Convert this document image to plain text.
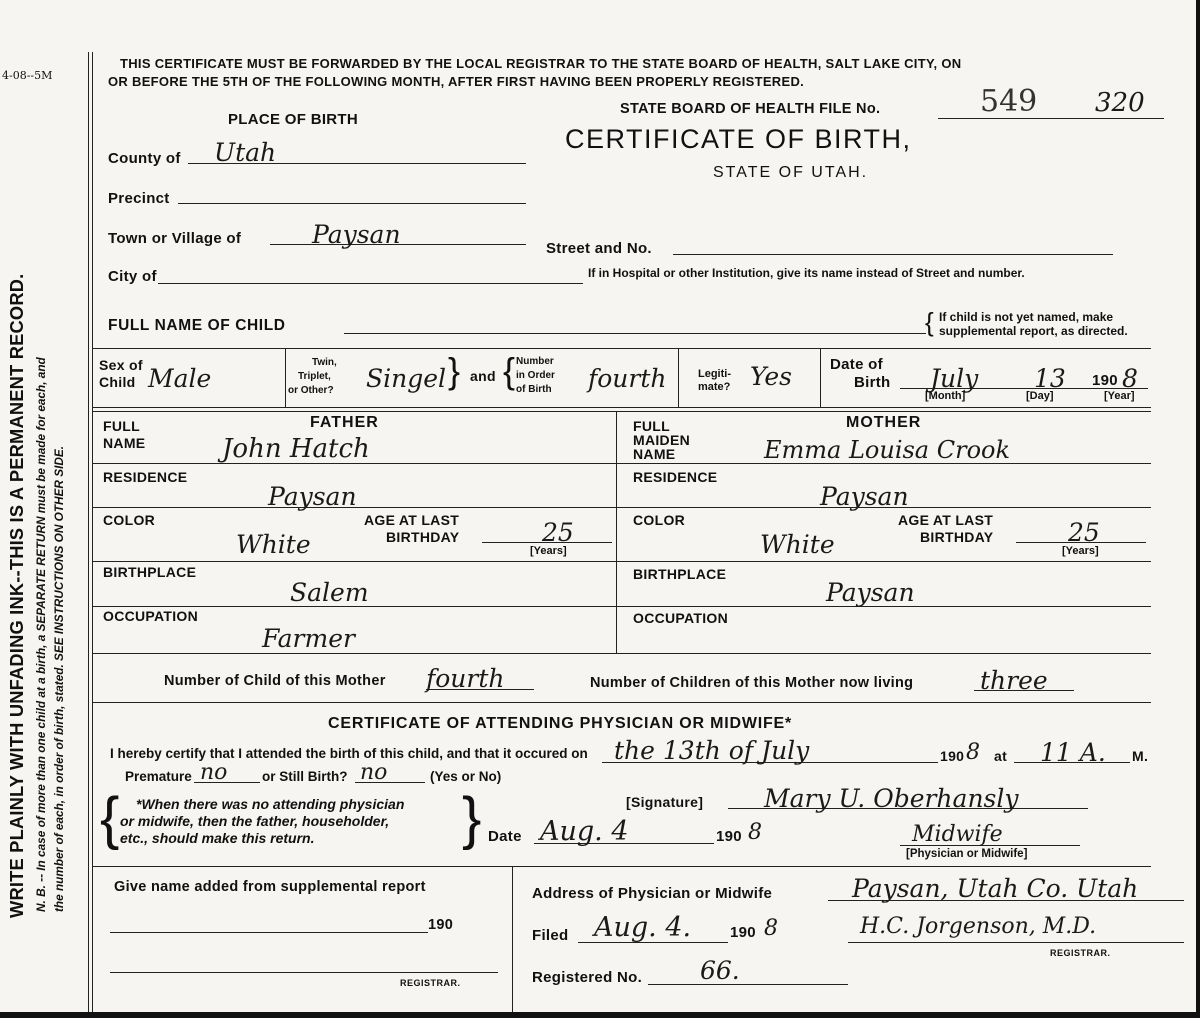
4-08--5M
WRITE PLAINLY WITH UNFADING INK--THIS IS A PERMANENT RECORD. N. B. -- In case of more than one child at a birth, a SEPARATE RETURN must be made for each, and the number of each, in order of birth, stated. SEE INSTRUCTIONS ON OTHER SIDE.
THIS CERTIFICATE MUST BE FORWARDED BY THE LOCAL REGISTRAR TO THE STATE BOARD OF HEALTH, SALT LAKE CITY, ON
OR BEFORE THE 5TH OF THE FOLLOWING MONTH, AFTER FIRST HAVING BEEN PROPERLY REGISTERED.
STATE BOARD OF HEALTH FILE No.	549 320
CERTIFICATE OF BIRTH,
STATE OF UTAH.
PLACE OF BIRTH
County of Utah
Precinct
Town or Village of	Paysan
City of
Street and No.
If in Hospital or other Institution, give its name instead of Street and number.
FULL NAME OF CHILD	{ If child is not yet named, make
supplemental report, as directed.
Sex of
Child Male
Twin,
Triplet,
or Other? Singel } and { Number
in Order
of Birth fourth	Legiti-
mate? Yes	Date of
Birth July 13 190 8
[Month]	[Day]	[Year]
FATHER
FULL
NAME	John Hatch
RESIDENCE
Paysan
COLOR
White
AGE AT LAST
BIRTHDAY	25
[Years]
BIRTHPLACE
Salem
OCCUPATION
Farmer
MOTHER
FULL
MAIDEN
NAME	Emma Louisa Crook
RESIDENCE
Paysan
COLOR
White
AGE AT LAST
BIRTHDAY	25
[Years]
BIRTHPLACE
Paysan
OCCUPATION
Number of Child of this Mother fourth	Number of Children of this Mother now living	three
CERTIFICATE OF ATTENDING PHYSICIAN OR MIDWIFE*
I hereby certify that I attended the birth of this child, and that it occured on the 13th of July	190 8 at 11 A. M.
Premature no	or Still Birth? no	(Yes or No)
{ *When there was no attending physician
or midwife, then the father, householder,
etc., should make this return.	}	[Signature] Mary U. Oberhansly
Date Aug. 4	190 8	Midwife
[Physician or Midwife]
Give name added from supplemental report
190
REGISTRAR.
Address of Physician or Midwife	Paysan, Utah Co. Utah
Filed Aug. 4.	190 8	H.C. Jorgenson, M.D.
REGISTRAR.
Registered No. 66.
